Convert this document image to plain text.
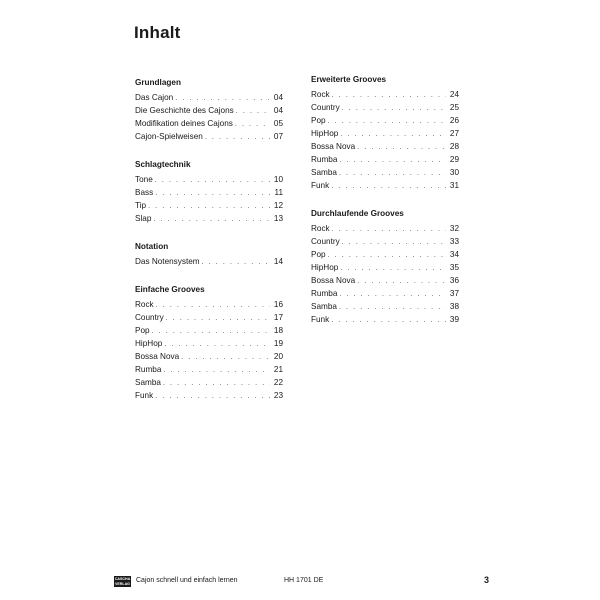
Inhalt
Grundlagen
Das Cajon . . .	04
Die Geschichte des Cajons . . .	04
Modifikation deines Cajons . . .	05
Cajon-Spielweisen . . .	07
Schlagtechnik
Tone . . .	10
Bass . . .	11
Tip . . .	12
Slap . . .	13
Notation
Das Notensystem . . .	14
Einfache Grooves
Rock . . .	16
Country . . .	17
Pop . . .	18
HipHop . . .	19
Bossa Nova . . .	20
Rumba . . .	21
Samba . . .	22
Funk . . .	23
Erweiterte Grooves
Rock . . .	24
Country . . .	25
Pop . . .	26
HipHop . . .	27
Bossa Nova . . .	28
Rumba . . .	29
Samba . . .	30
Funk . . .	31
Durchlaufende Grooves
Rock . . .	32
Country . . .	33
Pop . . .	34
HipHop . . .	35
Bossa Nova . . .	36
Rumba . . .	37
Samba . . .	38
Funk . . .	39
CASCHA
VERLAG Cajon schnell und einfach lernen	HH 1701 DE	3
